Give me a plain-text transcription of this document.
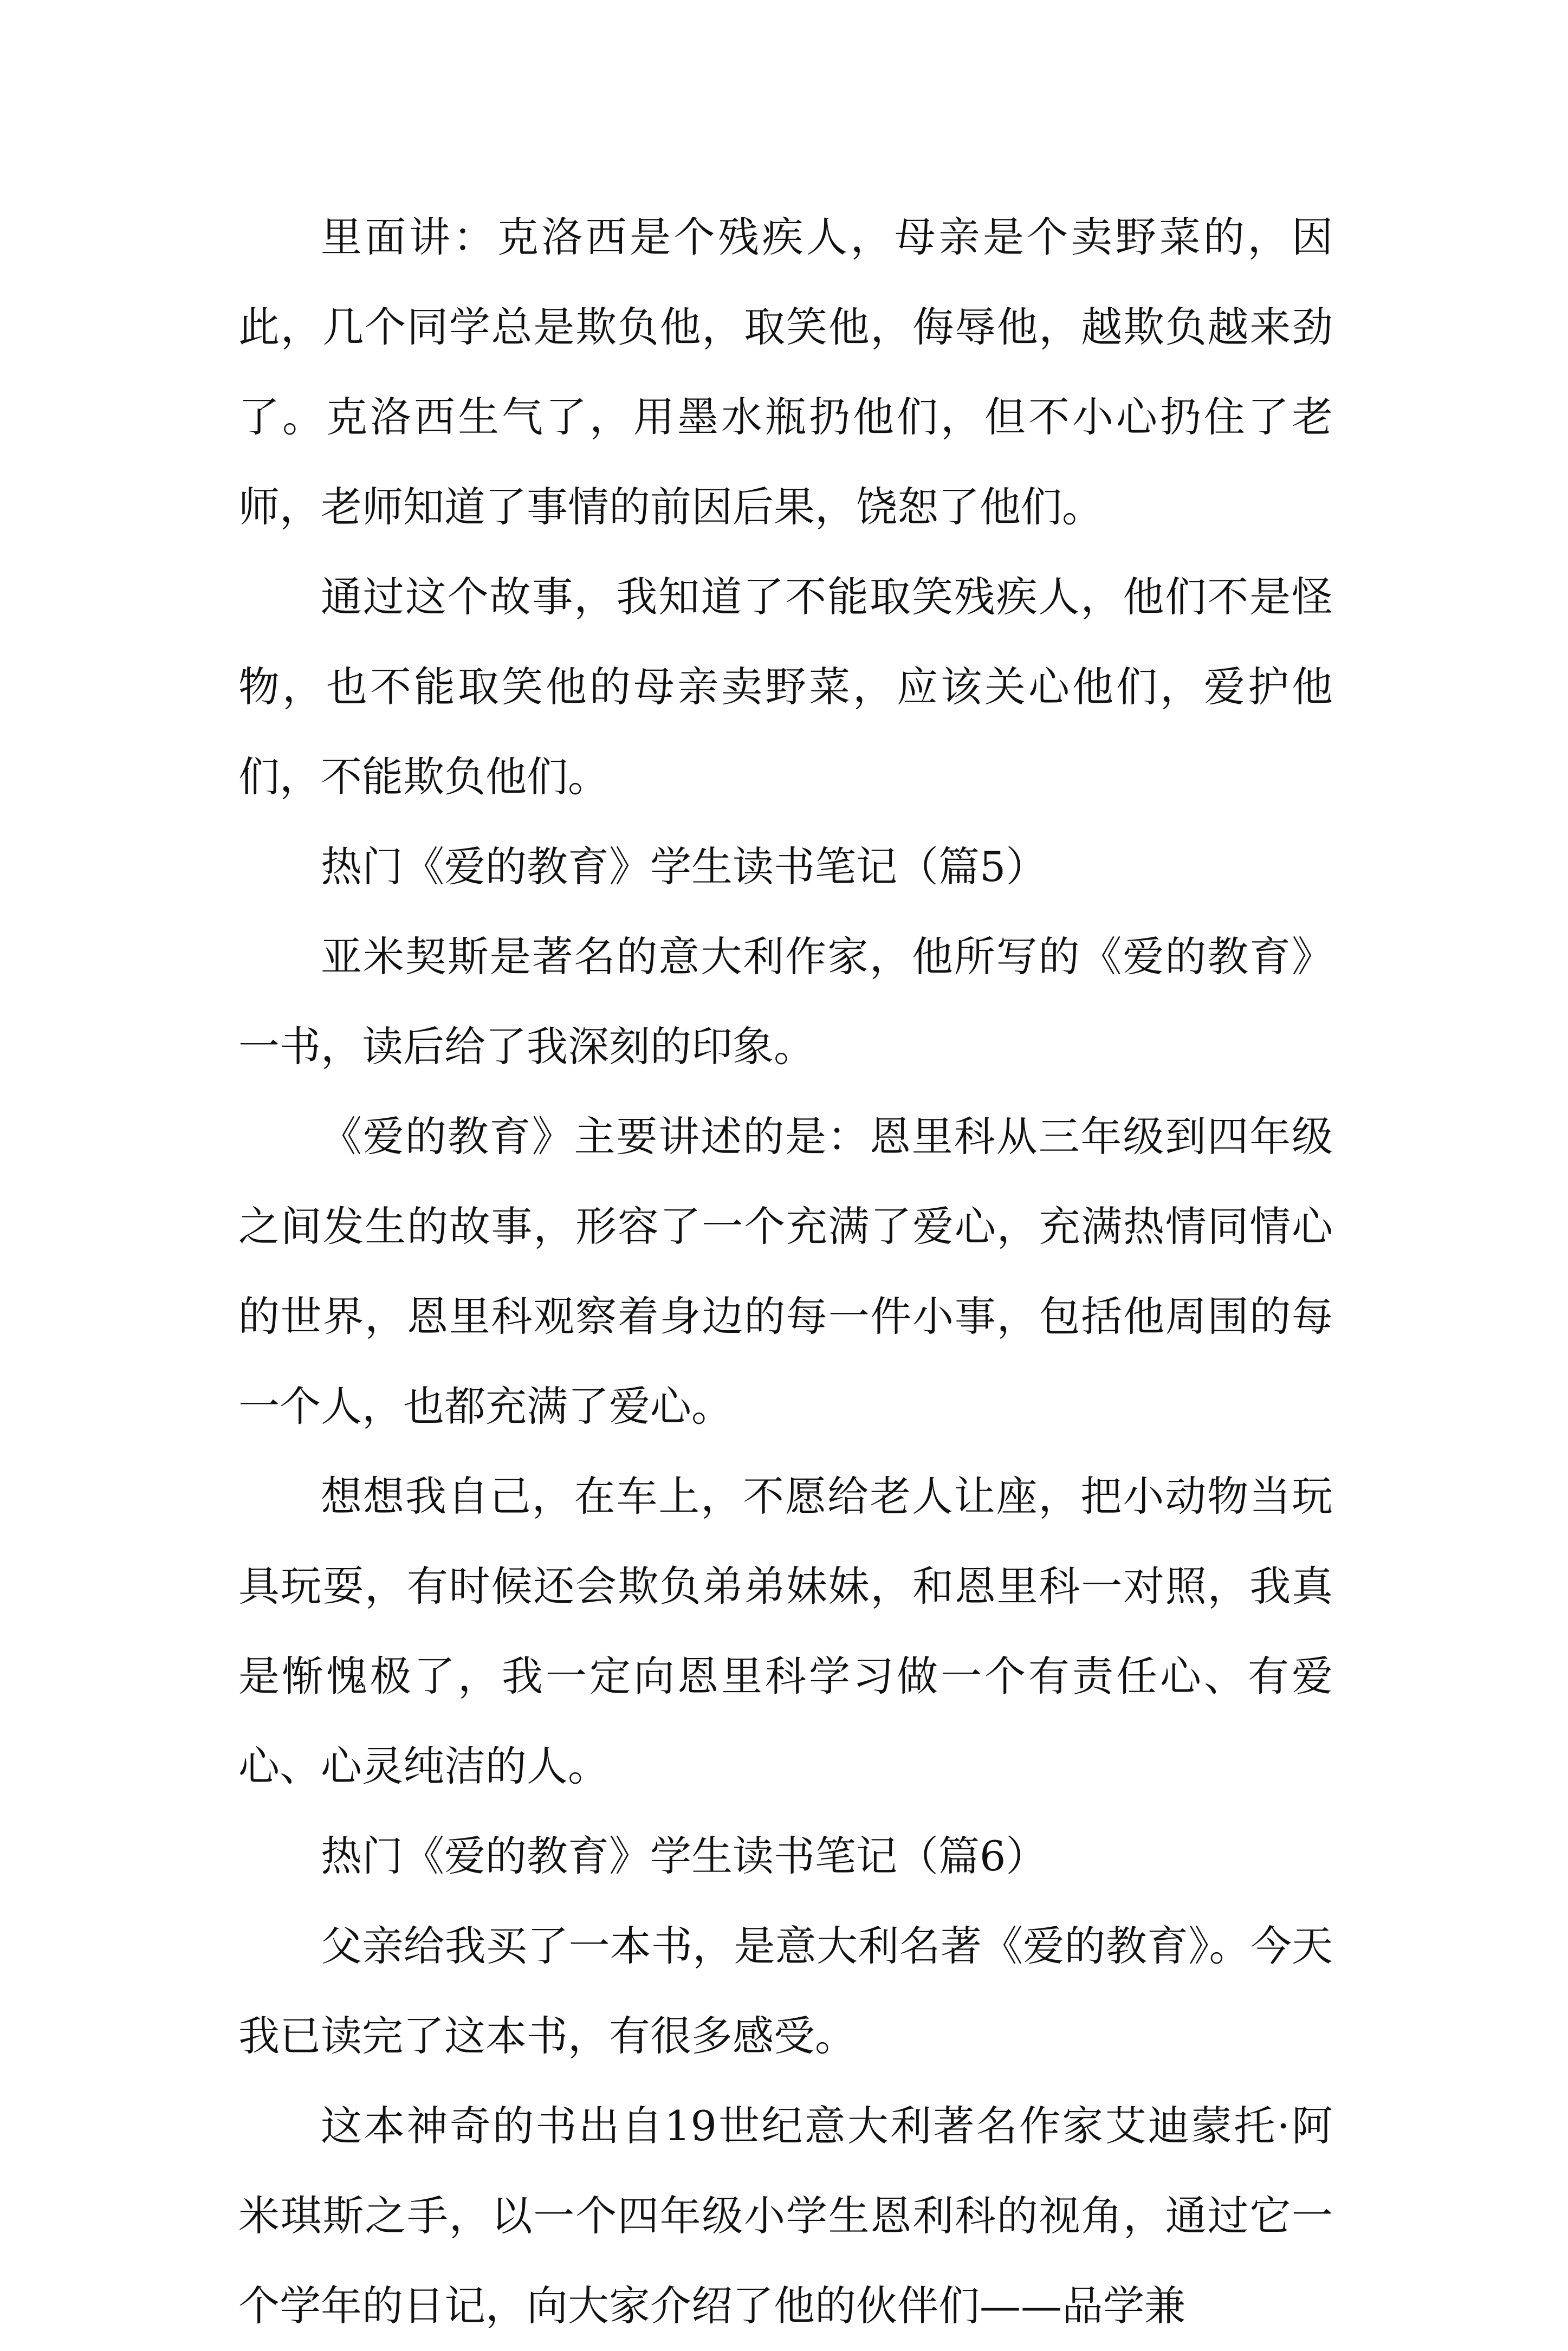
里面讲：克洛西是个残疾人，母亲是个卖野菜的，因此，几个同学总是欺负他，取笑他，侮辱他，越欺负越来劲了。克洛西生气了，用墨水瓶扔他们，但不小心扔住了老师，老师知道了事情的前因后果，饶恕了他们。

通过这个故事，我知道了不能取笑残疾人，他们不是怪物，也不能取笑他的母亲卖野菜，应该关心他们，爱护他们，不能欺负他们。

热门《爱的教育》学生读书笔记（篇5）

亚米契斯是著名的意大利作家，他所写的《爱的教育》一书，读后给了我深刻的印象。

《爱的教育》主要讲述的是：恩里科从三年级到四年级之间发生的故事，形容了一个充满了爱心，充满热情同情心的世界，恩里科观察着身边的每一件小事，包括他周围的每一个人，也都充满了爱心。

想想我自己，在车上，不愿给老人让座，把小动物当玩具玩耍，有时候还会欺负弟弟妹妹，和恩里科一对照，我真是惭愧极了，我一定向恩里科学习做一个有责任心、有爱心、心灵纯洁的人。

热门《爱的教育》学生读书笔记（篇6）

父亲给我买了一本书，是意大利名著《爱的教育》。今天我已读完了这本书，有很多感受。

这本神奇的书出自19世纪意大利著名作家艾迪蒙托·阿米琪斯之手，以一个四年级小学生恩利科的视角，通过它一个学年的日记，向大家介绍了他的伙伴们——品学兼
